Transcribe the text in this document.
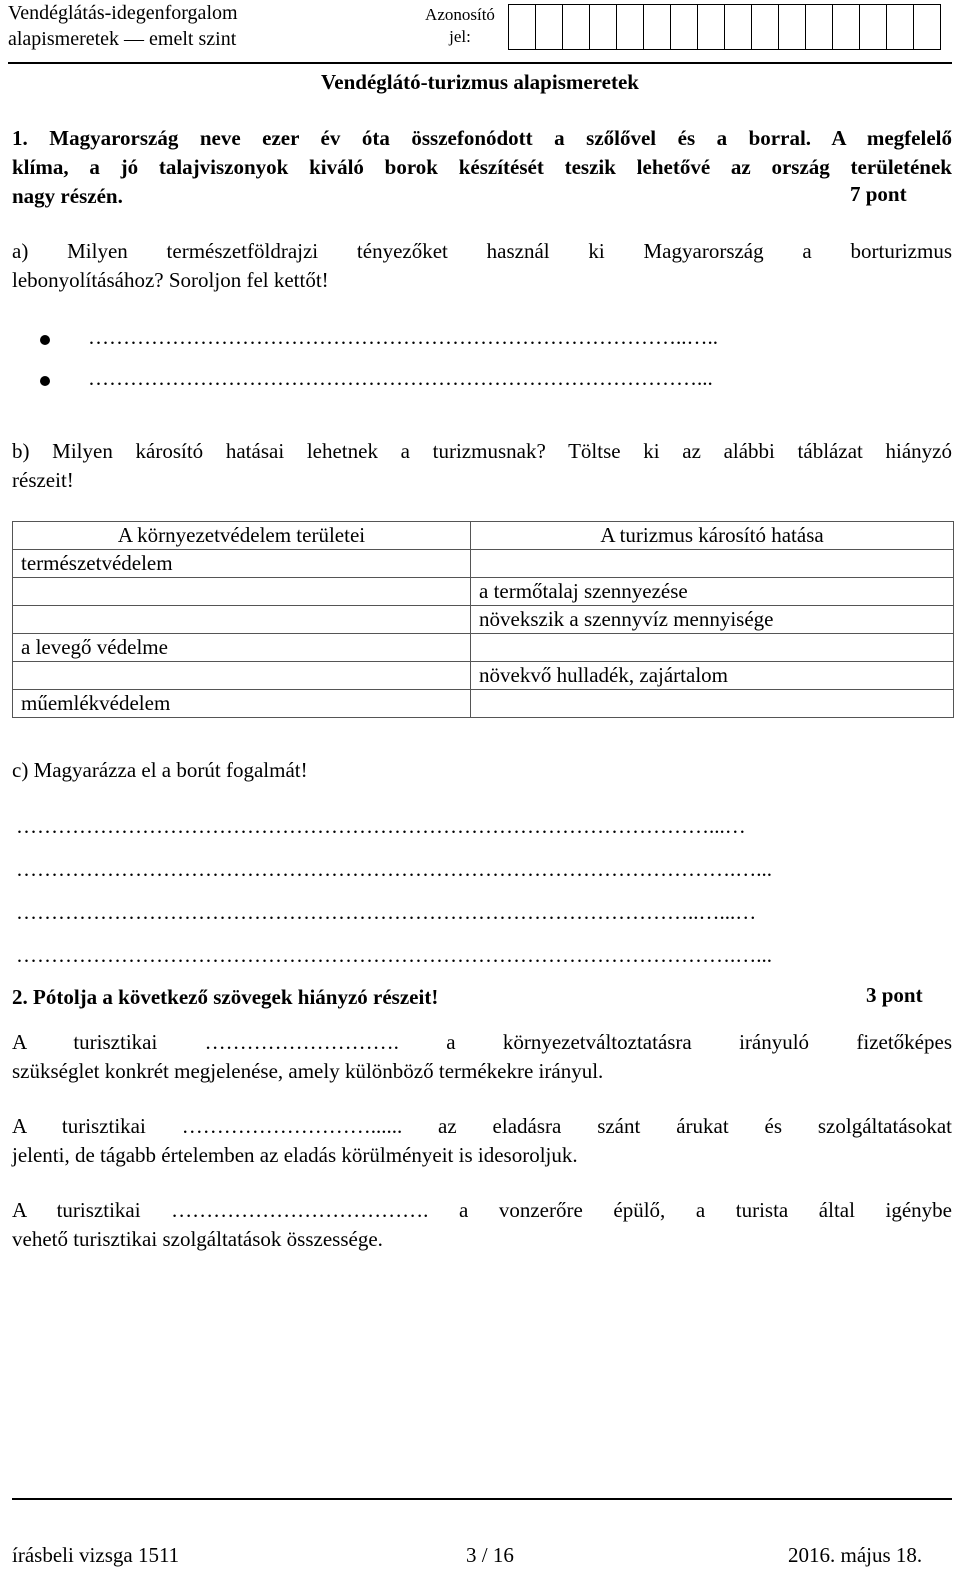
Vendéglátás-idegenforgalom
alapismeretek — emelt szint
Azonosító
jel:
Vendéglátó-turizmus alapismeretek
1. Magyarország neve ezer év óta összefonódott a szőlővel és a borral. A megfelelő
klíma, a jó talajviszonyok kiváló borok készítését teszik lehetővé az ország területének
nagy részén.	7 pont
a) Milyen természetföldrajzi tényezőket használ ki Magyarország a borturizmus
lebonyolításához? Soroljon fel kettőt!
…………………………………………………………………………..…..
……………………………………………………………………………...
b) Milyen károsító hatásai lehetnek a turizmusnak? Töltse ki az alábbi táblázat hiányzó
részeit!
A környezetvédelem területei	A turizmus károsító hatása
természetvédelem	
	a termőtalaj szennyezése
	növekszik a szennyvíz mennyisége
a levegő védelme	
	növekvő hulladék, zajártalom
műemlékvédelem	
c) Magyarázza el a borút fogalmát!
………………………………………………………………………………………...…
………………………………………………………………………………………….…...
……………………………………………………………………………………..…...…
………………………………………………………………………………………….…...
2. Pótolja a következő szövegek hiányzó részeit!	3 pont
A turisztikai ………………………. a környezetváltoztatásra irányuló fizetőképes
szükséglet konkrét megjelenése, amely különböző termékekre irányul.
A turisztikai ………………………...... az eladásra szánt árukat és szolgáltatásokat
jelenti, de tágabb értelemben az eladás körülményeit is idesoroljuk.
A turisztikai ………………………………. a vonzerőre épülő, a turista által igénybe
vehető turisztikai szolgáltatások összessége.
írásbeli vizsga 1511	3 / 16	2016. május 18.
